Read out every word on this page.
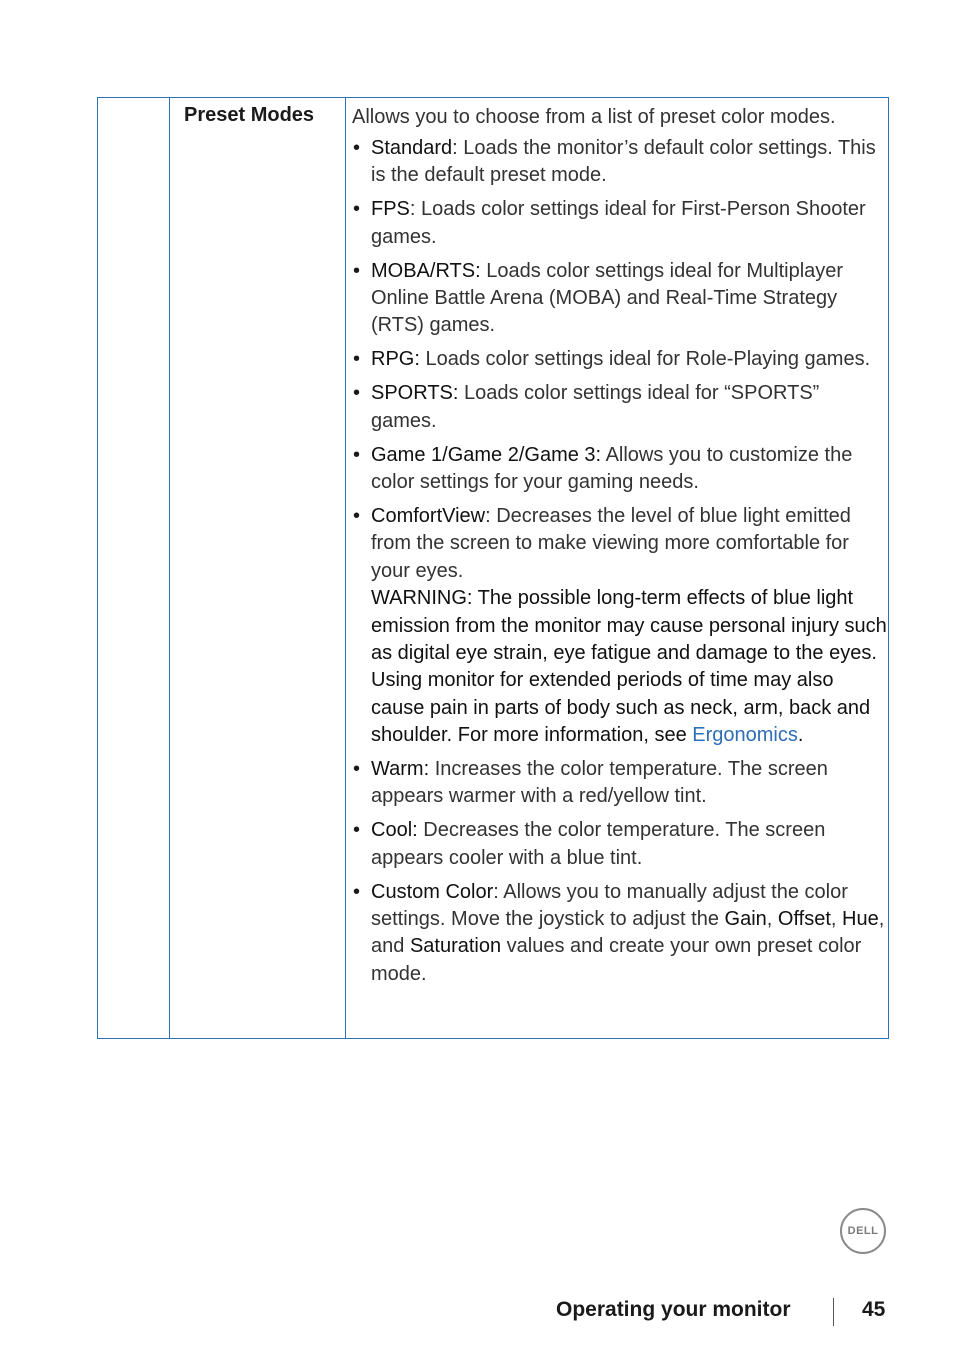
Preset Modes Allows you to choose from a list of preset color modes.
• Standard: Loads the monitor’s default color settings. This is the default preset mode.
• FPS: Loads color settings ideal for First-Person Shooter games.
• MOBA/RTS: Loads color settings ideal for Multiplayer Online Battle Arena (MOBA) and Real-Time Strategy (RTS) games.
• RPG: Loads color settings ideal for Role-Playing games.
• SPORTS: Loads color settings ideal for “SPORTS” games.
• Game 1/Game 2/Game 3: Allows you to customize the color settings for your gaming needs.
• ComfortView: Decreases the level of blue light emitted from the screen to make viewing more comfortable for your eyes.
WARNING: The possible long-term effects of blue light emission from the monitor may cause personal injury such as digital eye strain, eye fatigue and damage to the eyes. Using monitor for extended periods of time may also cause pain in parts of body such as neck, arm, back and shoulder. For more information, see Ergonomics.
• Warm: Increases the color temperature. The screen appears warmer with a red/yellow tint.
• Cool: Decreases the color temperature. The screen appears cooler with a blue tint.
• Custom Color: Allows you to manually adjust the color settings. Move the joystick to adjust the Gain, Offset, Hue, and Saturation values and create your own preset color mode.
DELL
Operating your monitor	45
